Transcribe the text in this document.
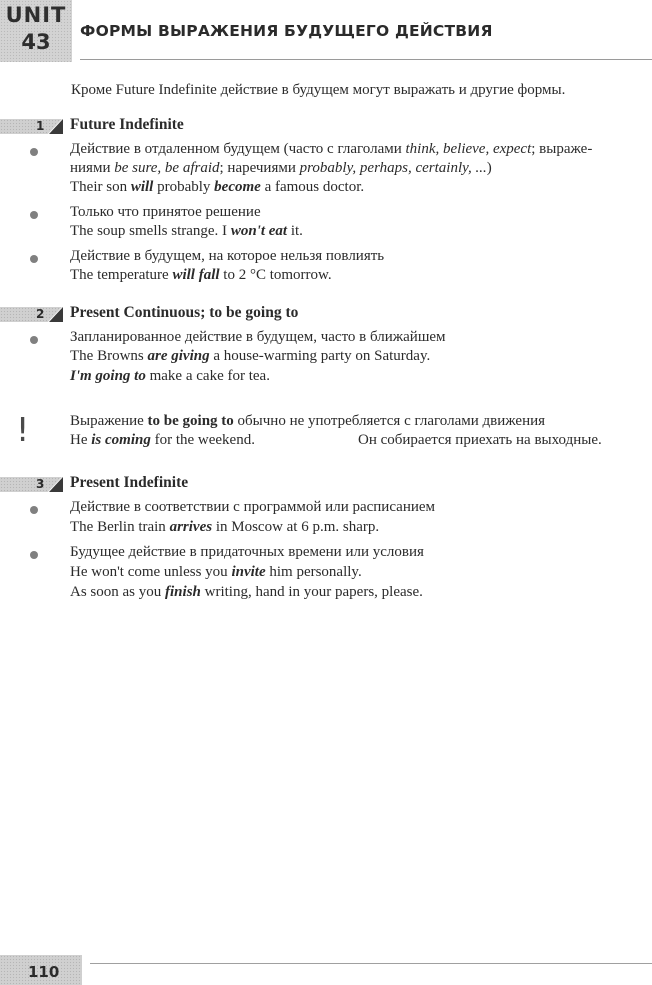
UNIT
43	ФОРМЫ ВЫРАЖЕНИЯ БУДУЩЕГО ДЕЙСТВИЯ
Кроме Future Indefinite действие в будущем могут выражать и другие формы.
1 Future Indefinite
Действие в отдаленном будущем (часто с глаголами think, believe, expect; выраже-
ниями be sure, be afraid; наречиями probably, perhaps, certainly, ...)
Their son will probably become a famous doctor.
Только что принятое решение
The soup smells strange. I won't eat it.
Действие в будущем, на которое нельзя повлиять
The temperature will fall to 2 °C tomorrow.
2 Present Continuous; to be going to
Запланированное действие в будущем, часто в ближайшем
The Browns are giving a house-warming party on Saturday.
I'm going to make a cake for tea.
!	Выражение to be going to обычно не употребляется с глаголами движения
He is coming for the weekend.	Он собирается приехать на выходные.
3 Present Indefinite
Действие в соответствии с программой или расписанием
The Berlin train arrives in Moscow at 6 p.m. sharp.
Будущее действие в придаточных времени или условия
He won't come unless you invite him personally.
As soon as you finish writing, hand in your papers, please.
110
